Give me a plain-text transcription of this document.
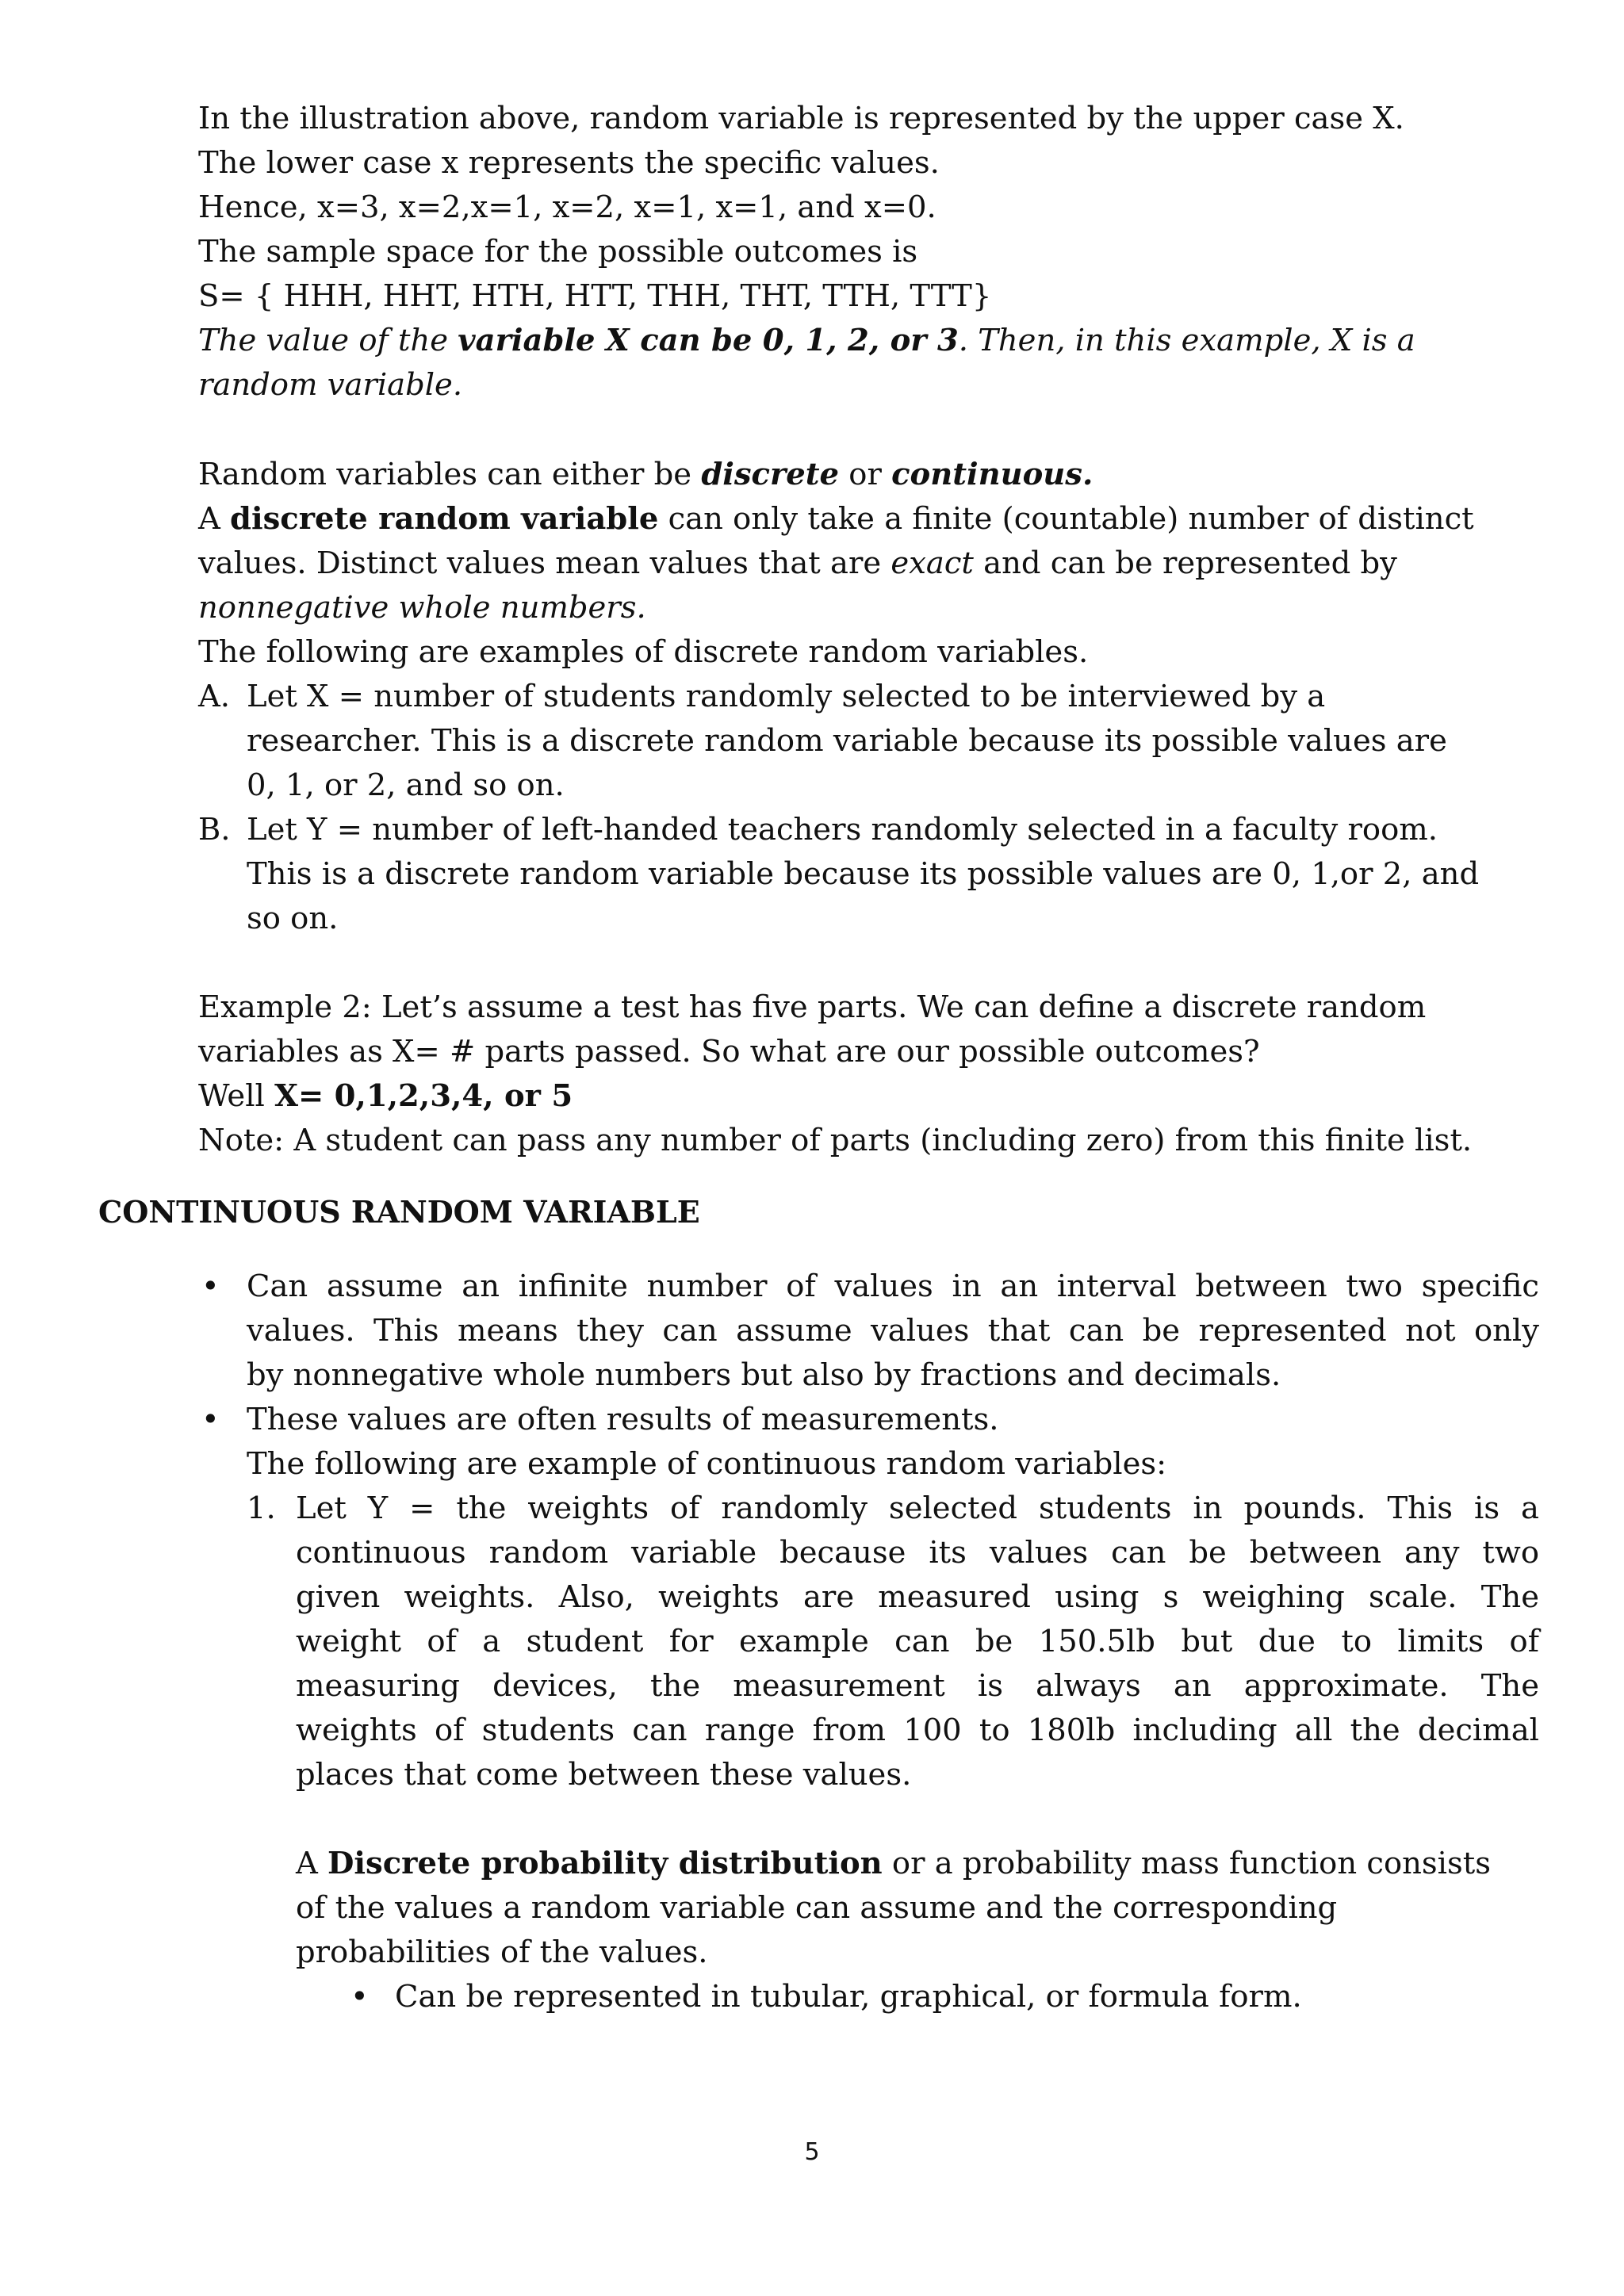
In the illustration above, random variable is represented by the upper case X.
The lower case x represents the specific values.
Hence, x=3, x=2,x=1, x=2, x=1, x=1, and x=0.
The sample space for the possible outcomes is
S= { HHH, HHT, HTH, HTT, THH, THT, TTH, TTT}
The value of the variable X can be 0, 1, 2, or 3. Then, in this example, X is a
random variable.
Random variables can either be discrete or continuous.
A discrete random variable can only take a finite (countable) number of distinct
values. Distinct values mean values that are exact and can be represented by
nonnegative whole numbers.
The following are examples of discrete random variables.
A. Let X = number of students randomly selected to be interviewed by a
researcher. This is a discrete random variable because its possible values are
0, 1, or 2, and so on.
B. Let Y = number of left-handed teachers randomly selected in a faculty room.
This is a discrete random variable because its possible values are 0, 1,or 2, and
so on.
Example 2: Let’s assume a test has five parts. We can define a discrete random
variables as X= # parts passed. So what are our possible outcomes?
Well X= 0,1,2,3,4, or 5
Note: A student can pass any number of parts (including zero) from this finite list.
CONTINUOUS RANDOM VARIABLE
• Can assume an infinite number of values in an interval between two specific
values. This means they can assume values that can be represented not only
by nonnegative whole numbers but also by fractions and decimals.
• These values are often results of measurements.
The following are example of continuous random variables:
1. Let Y = the weights of randomly selected students in pounds. This is a
continuous random variable because its values can be between any two
given weights. Also, weights are measured using s weighing scale. The
weight of a student for example can be 150.5lb but due to limits of
measuring devices, the measurement is always an approximate. The
weights of students can range from 100 to 180lb including all the decimal
places that come between these values.
A Discrete probability distribution or a probability mass function consists
of the values a random variable can assume and the corresponding
probabilities of the values.
• Can be represented in tubular, graphical, or formula form.
5
